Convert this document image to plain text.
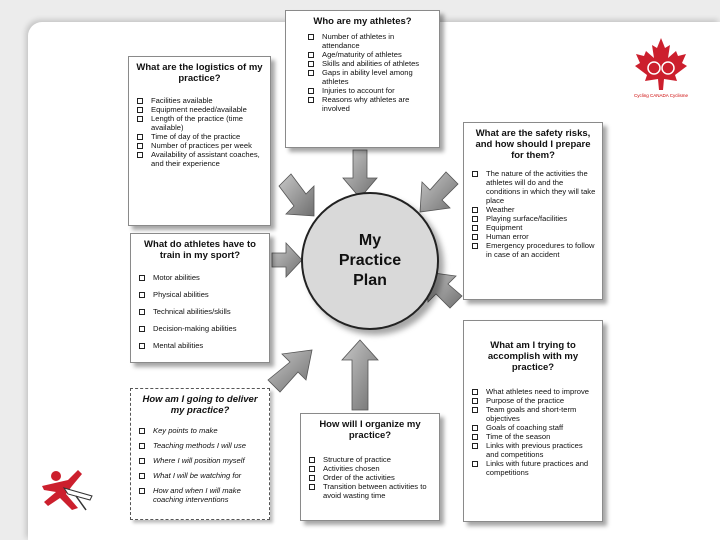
My
Practice
Plan
Who are my athletes?
Number of athletes in attendance
Age/maturity of athletes
Skills and abilities of athletes
Gaps in ability level among athletes
Injuries to account for
Reasons why athletes are involved
What are the logistics of my practice?
Facilities available
Equipment needed/available
Length of the practice (time available)
Time of day of the practice
Number of practices per week
Availability of assistant coaches, and their experience
What are the safety risks, and how should I prepare for them?
The nature of the activities the athletes will do and the conditions in which they will take place
Weather
Playing surface/facilities
Equipment
Human error
Emergency procedures to follow in case of an accident
What do athletes have to train in my sport?
Motor abilities
Physical abilities
Technical abilities/skills
Decision-making abilities
Mental abilities	What am I trying to accomplish with my practice?
What athletes need to improve
Purpose of the practice
Team goals and short-term objectives
Goals of coaching staff
Time of the season
Links with previous practices and competitions
Links with future practices and competitions
How am I going to deliver my practice?
Key points to make
Teaching methods I will use
Where I will position myself
What I will be watching for
How and when I will make coaching interventions
How will I organize my practice?
Structure of practice
Activities chosen
Order of the activities
Transition between activities to avoid wasting time
Cycling CANADA Cyclisme
